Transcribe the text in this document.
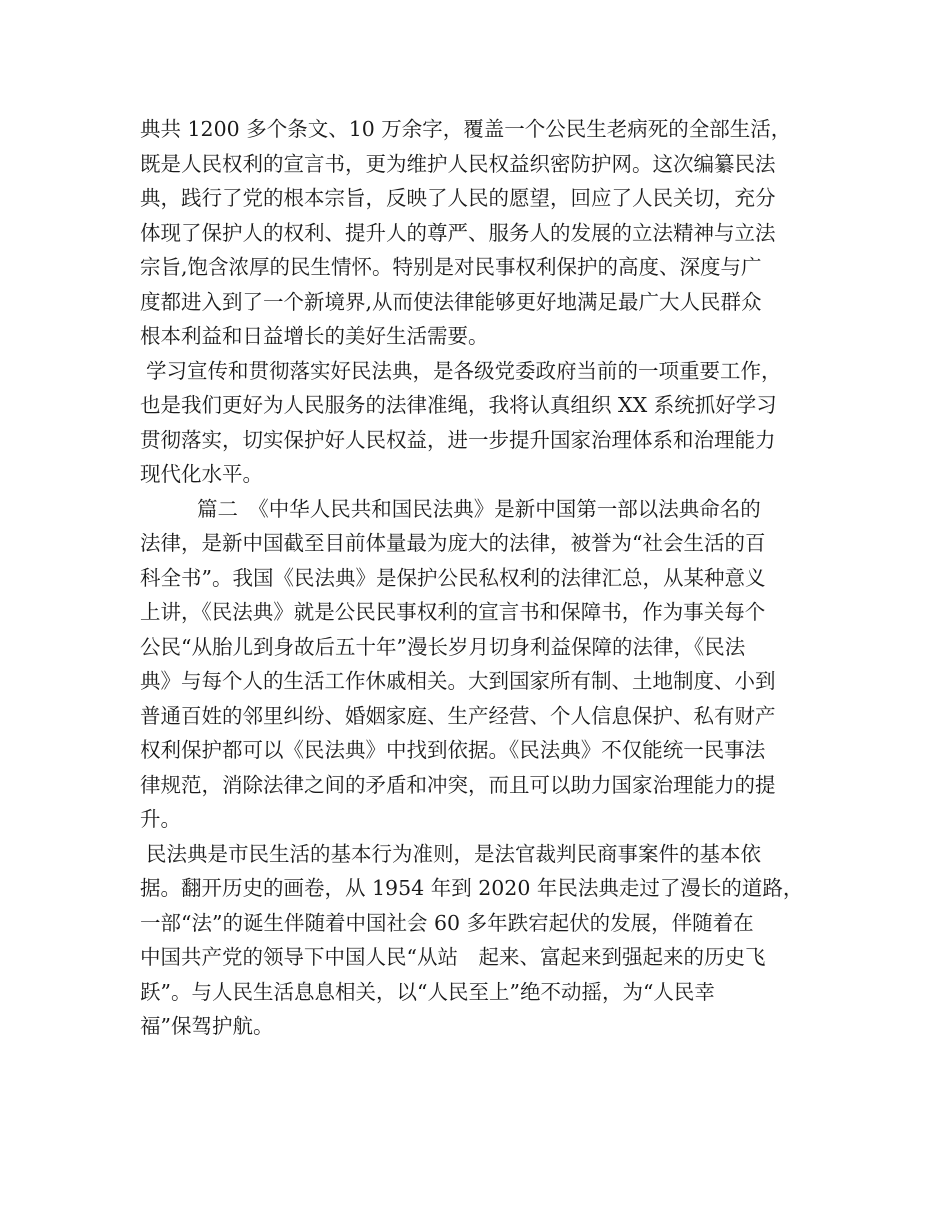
典共 1200 多个条文、10 万余字，覆盖一个公民生老病死的全部生活，
既是人民权利的宣言书，更为维护人民权益织密防护网。这次编纂民法
典，践行了党的根本宗旨，反映了人民的愿望，回应了人民关切，充分
体现了保护人的权利、提升人的尊严、服务人的发展的立法精神与立法
宗旨,饱含浓厚的民生情怀。特别是对民事权利保护的高度、深度与广
度都进入到了一个新境界,从而使法律能够更好地满足最广大人民群众
根本利益和日益增长的美好生活需要。
学习宣传和贯彻落实好民法典，是各级党委政府当前的一项重要工作，
也是我们更好为人民服务的法律准绳，我将认真组织 XX 系统抓好学习
贯彻落实，切实保护好人民权益，进一步提升国家治理体系和治理能力
现代化水平。
篇二　《中华人民共和国民法典》是新中国第一部以法典命名的
法律，是新中国截至目前体量最为庞大的法律，被誉为“社会生活的百
科全书”。我国《民法典》是保护公民私权利的法律汇总，从某种意义
上讲，《民法典》就是公民民事权利的宣言书和保障书，作为事关每个
公民“从胎儿到身故后五十年”漫长岁月切身利益保障的法律，《民法
典》与每个人的生活工作休戚相关。大到国家所有制、土地制度、小到
普通百姓的邻里纠纷、婚姻家庭、生产经营、个人信息保护、私有财产
权利保护都可以《民法典》中找到依据。《民法典》不仅能统一民事法
律规范，消除法律之间的矛盾和冲突，而且可以助力国家治理能力的提
升。
民法典是市民生活的基本行为准则，是法官裁判民商事案件的基本依
据。翻开历史的画卷，从 1954 年到 2020 年民法典走过了漫长的道路，
一部“法”的诞生伴随着中国社会 60 多年跌宕起伏的发展，伴随着在
中国共产党的领导下中国人民“从站　起来、富起来到强起来的历史飞
跃”。与人民生活息息相关，以“人民至上”绝不动摇，为“人民幸
福”保驾护航。
